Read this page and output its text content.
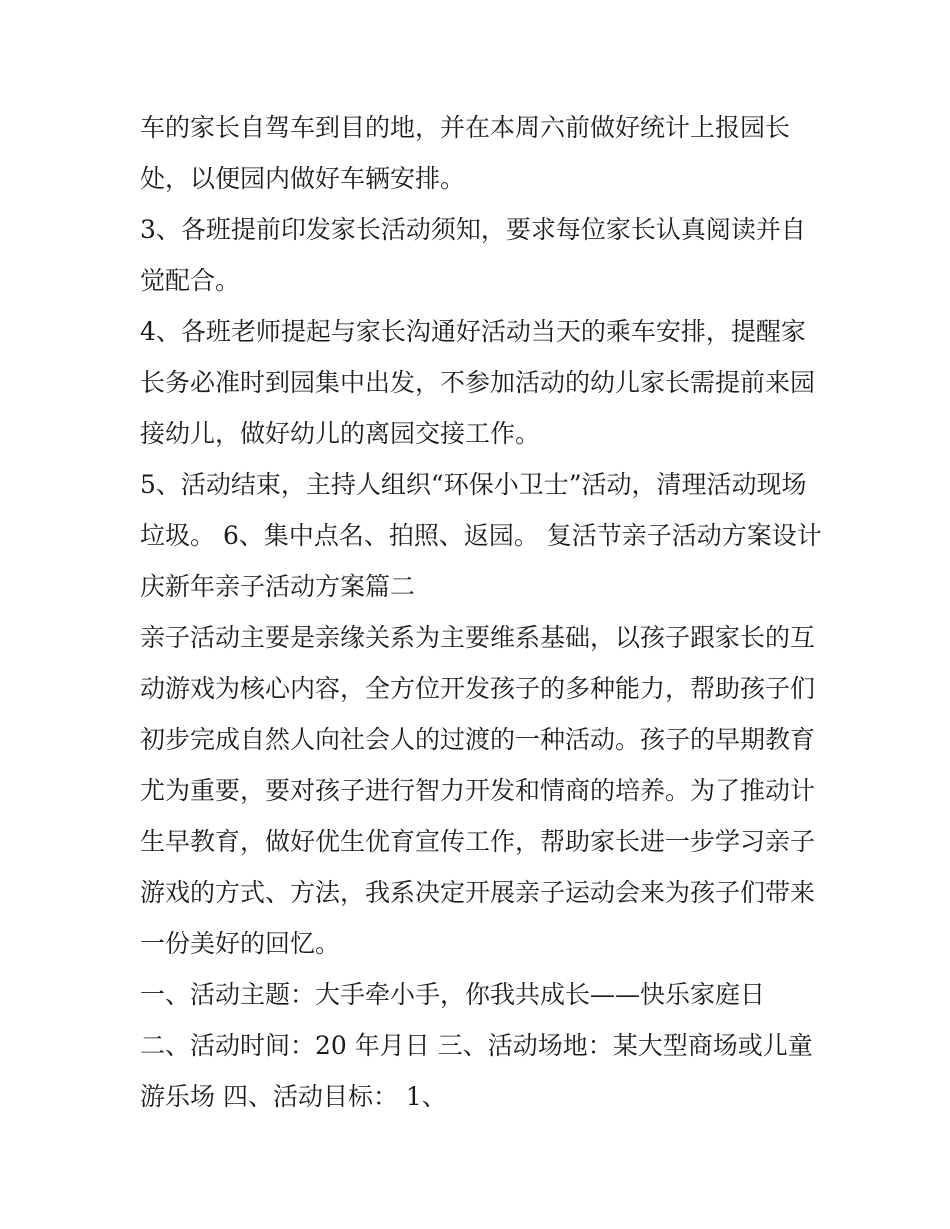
车的家长自驾车到目的地，并在本周六前做好统计上报园长
处，以便园内做好车辆安排。
3、各班提前印发家长活动须知，要求每位家长认真阅读并自
觉配合。
4、各班老师提起与家长沟通好活动当天的乘车安排，提醒家
长务必准时到园集中出发，不参加活动的幼儿家长需提前来园
接幼儿，做好幼儿的离园交接工作。
5、活动结束，主持人组织“环保小卫士”活动，清理活动现场
垃圾。 6、集中点名、拍照、返园。 复活节亲子活动方案设计
庆新年亲子活动方案篇二
亲子活动主要是亲缘关系为主要维系基础，以孩子跟家长的互
动游戏为核心内容，全方位开发孩子的多种能力，帮助孩子们
初步完成自然人向社会人的过渡的一种活动。孩子的早期教育
尤为重要，要对孩子进行智力开发和情商的培养。为了推动计
生早教育，做好优生优育宣传工作，帮助家长进一步学习亲子
游戏的方式、方法，我系决定开展亲子运动会来为孩子们带来
一份美好的回忆。
一、活动主题：大手牵小手，你我共成长——快乐家庭日
二、活动时间：20 年月日 三、活动场地：某大型商场或儿童
游乐场 四、活动目标： 1、
